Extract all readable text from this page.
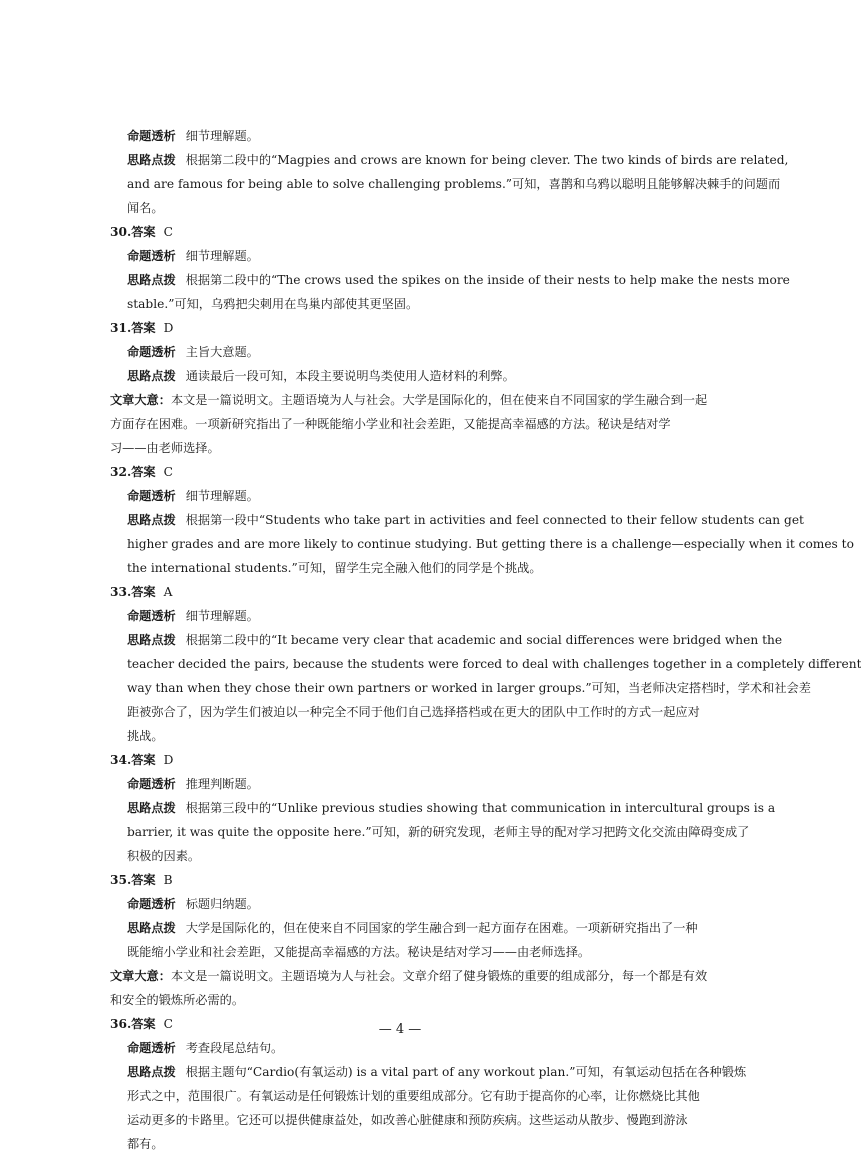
命题透析 细节理解题。
思路点拨 根据第二段中的“Magpies and crows are known for being clever. The two kinds of birds are related,
and are famous for being able to solve challenging problems.”可知，喜鹊和乌鸦以聪明且能够解决棘手的问题而
闻名。
30.答案 C
命题透析 细节理解题。
思路点拨 根据第二段中的“The crows used the spikes on the inside of their nests to help make the nests more
stable.”可知，乌鸦把尖刺用在鸟巢内部使其更坚固。
31.答案 D
命题透析 主旨大意题。
思路点拨 通读最后一段可知，本段主要说明鸟类使用人造材料的利弊。
文章大意：本文是一篇说明文。主题语境为人与社会。大学是国际化的，但在使来自不同国家的学生融合到一起
方面存在困难。一项新研究指出了一种既能缩小学业和社会差距，又能提高幸福感的方法。秘诀是结对学
习——由老师选择。
32.答案 C
命题透析 细节理解题。
思路点拨 根据第一段中“Students who take part in activities and feel connected to their fellow students can get
higher grades and are more likely to continue studying. But getting there is a challenge—especially when it comes to
the international students.”可知，留学生完全融入他们的同学是个挑战。
33.答案 A
命题透析 细节理解题。
思路点拨 根据第二段中的“It became very clear that academic and social differences were bridged when the
teacher decided the pairs, because the students were forced to deal with challenges together in a completely different
way than when they chose their own partners or worked in larger groups.”可知，当老师决定搭档时，学术和社会差
距被弥合了，因为学生们被迫以一种完全不同于他们自己选择搭档或在更大的团队中工作时的方式一起应对
挑战。
34.答案 D
命题透析 推理判断题。
思路点拨 根据第三段中的“Unlike previous studies showing that communication in intercultural groups is a
barrier, it was quite the opposite here.”可知，新的研究发现，老师主导的配对学习把跨文化交流由障碍变成了
积极的因素。
35.答案 B
命题透析 标题归纳题。
思路点拨 大学是国际化的，但在使来自不同国家的学生融合到一起方面存在困难。一项新研究指出了一种
既能缩小学业和社会差距，又能提高幸福感的方法。秘诀是结对学习——由老师选择。
文章大意：本文是一篇说明文。主题语境为人与社会。文章介绍了健身锻炼的重要的组成部分，每一个都是有效
和安全的锻炼所必需的。
36.答案 C
命题透析 考查段尾总结句。
思路点拨 根据主题句“Cardio(有氧运动) is a vital part of any workout plan.”可知，有氧运动包括在各种锻炼
形式之中，范围很广。有氧运动是任何锻炼计划的重要组成部分。它有助于提高你的心率，让你燃烧比其他
运动更多的卡路里。它还可以提供健康益处，如改善心脏健康和预防疾病。这些运动从散步、慢跑到游泳
都有。
— 4 —
